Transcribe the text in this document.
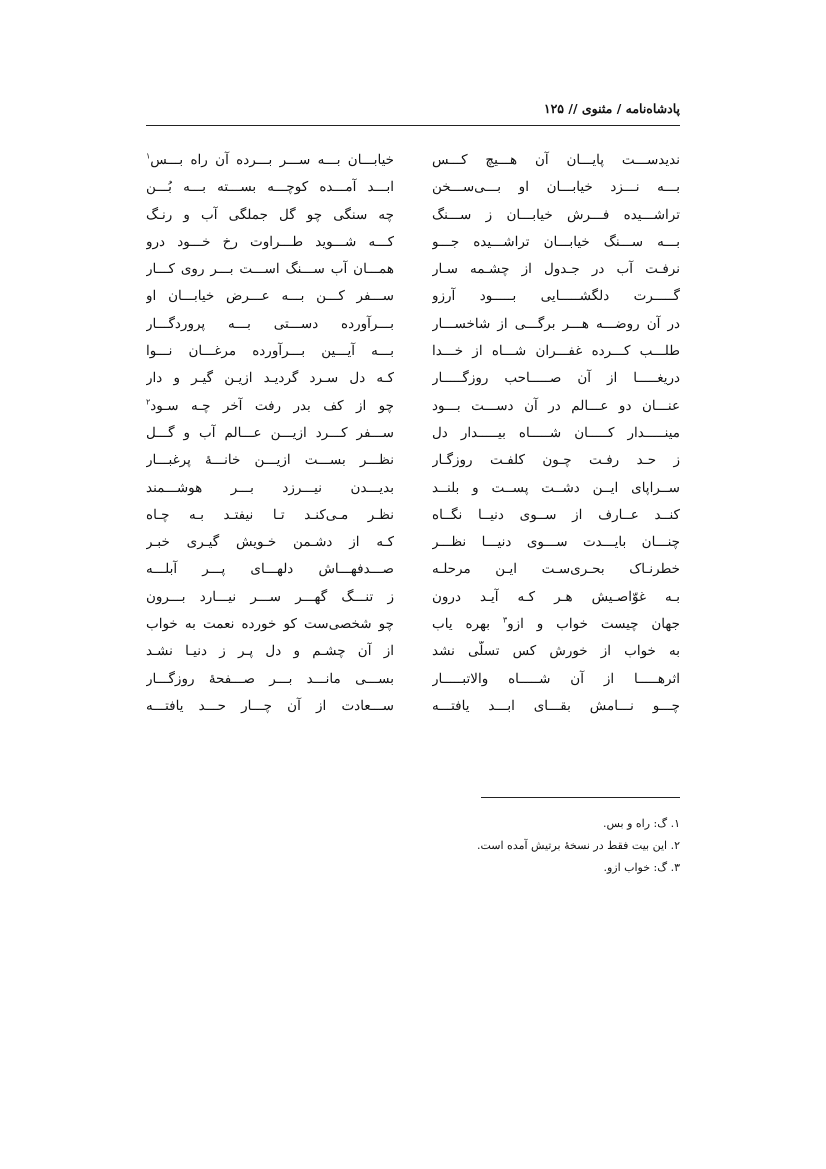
پادشاه‌نامه / مثنوی // ۱۲۵
ندیدســـت پایـــان آن هـــیچ کـــس
خیابـــان بـــه ســـر بـــرده آن راه بـــس$^۱$
بـــه نـــزد خیابـــان او بـــی‌ســـخن
ابـــد آمـــده کوچـــه بســـته بـــه بُـــن
تراشـــیده فـــرش خیابـــان ز ســـنگ
چه سنگی چو گل جملگی آب و رنـگ
بـــه ســـنگ خیابـــان تراشـــیده جـــو
کـــه شـــوید طـــراوت رخ خـــود درو
نرفـت آب در جـدول از چشـمه سـار
همـــان آب ســـنگ اســـت بـــر روی کـــار
گـــــرت دلگشـــــایی بـــــود آرزو
ســـفر کـــن بـــه عـــرض خیابـــان او
در آن روضـــه هـــر برگـــی از شاخســـار
بـــرآورده دســـتی بـــه پروردگـــار
طلـــب کـــرده غفـــران شـــاه از خـــدا
بـــه آیـــین بـــرآورده مرغـــان نـــوا
دریغـــــا از آن صـــــاحب روزگـــــار
کـه دل سـرد گردیـد ازیـن گیـر و دار
عنـــان دو عـــالم در آن دســـت بـــود
چو از کف بدر رفت آخر چـه سـود$^۲$
مینـــــدار کـــــان شـــــاه بیـــــدار دل
ســـفر کـــرد ازیـــن عـــالم آب و گـــل
ز حـد رفـت چـون کلفـت روزگـار
نظـــر بســـت ازیـــن خانـــهٔ پرغبـــار
ســراپای ایــن دشــت پســت و بلنــد
بدیـــدن نیـــرزد بـــر هوشـــمند
کنــد عــارف از ســوی دنیــا نگــاه
نظـر مـی‌کنـد تـا نیفتـد بـه چـاه
چنـــان بایـــدت ســـوی دنیـــا نظـــر
کـه از دشـمن خـویش گیـری خبـر
خطرنـاک بحـری‌سـت ایـن مرحلـه
صـــدفهـــاش دلهـــای پـــر آبلـــه
بـه غوّاصـیش هـر کـه آیـد درون
ز تنـــگ گهـــر ســـر نیـــارد بـــرون
جهان چیست خواب و ازو$^۳$ بهره یاب
چو شخصی‌ست کو خورده نعمت به خواب
به خواب از خورش کس تسلّی نشد
از آن چشـم و دل پـر ز دنیـا نشـد
اثرهـــــا از آن شـــــاه والاتبـــــار
بســـی مانـــد بـــر صـــفحهٔ روزگـــار
چـــو نـــامش بقـــای ابـــد یافتـــه
ســـعادت از آن چـــار حـــد یافتـــه
۱. گ: راه و بس.
۲. این بیت فقط در نسخهٔ برتیش آمده است.
۳. گ: خواب ازو.
